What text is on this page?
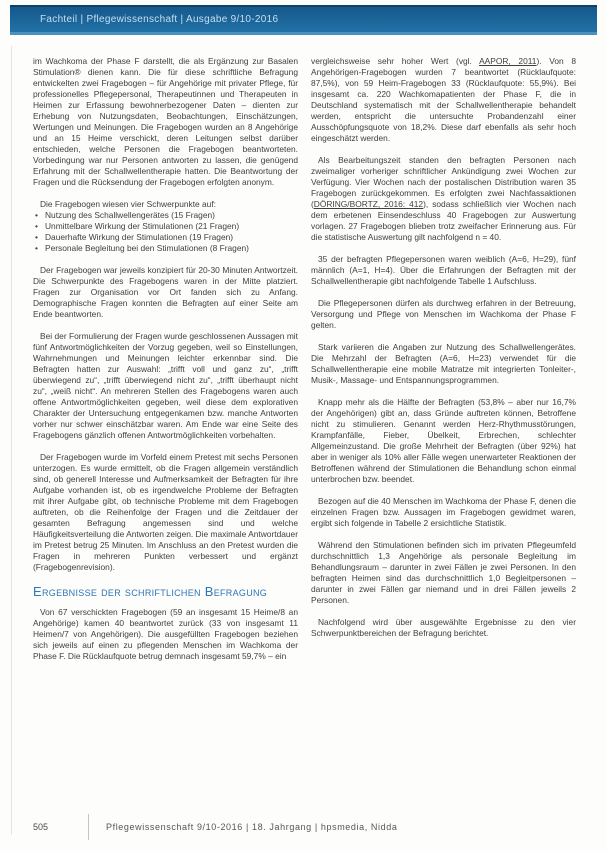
Fachteil | Pflegewissenschaft | Ausgabe 9/10-2016

im Wachkoma der Phase F darstellt, die als Ergänzung zur Basalen Stimulation® dienen kann. Die für diese schriftliche Befragung entwickelten zwei Fragebogen – für Angehörige mit privater Pflege, für professionelles Pflegepersonal, Therapeutinnen und Therapeuten in Heimen zur Erfassung bewohnerbezogener Daten – dienten zur Erhebung von Nutzungsdaten, Beobachtungen, Einschätzungen, Wertungen und Meinungen. Die Fragebogen wurden an 8 Angehörige und an 15 Heime verschickt, deren Leitungen selbst darüber entschieden, welche Personen die Fragebogen beantworteten. Vorbedingung war nur Personen antworten zu lassen, die genügend Erfahrung mit der Schallwellentherapie hatten. Die Beantwortung der Fragen und die Rücksendung der Fragebogen erfolgten anonym.

Die Fragebogen wiesen vier Schwerpunkte auf:

• Nutzung des Schallwellengerätes (15 Fragen)
• Unmittelbare Wirkung der Stimulationen (21 Fragen)
• Dauerhafte Wirkung der Stimulationen (19 Fragen)
• Personale Begleitung bei den Stimulationen (8 Fragen)

Der Fragebogen war jeweils konzipiert für 20-30 Minuten Antwortzeit. Die Schwerpunkte des Fragebogens waren in der Mitte platziert. Fragen zur Organisation vor Ort fanden sich zu Anfang. Demographische Fragen konnten die Befragten auf einer Seite am Ende beantworten.

Bei der Formulierung der Fragen wurde geschlossenen Aussagen mit fünf Antwortmöglichkeiten der Vorzug gegeben, weil so Einstellungen, Wahrnehmungen und Meinungen leichter erkennbar sind. Die Befragten hatten zur Auswahl: „trifft voll und ganz zu“, „trifft überwiegend zu“, „trifft überwiegend nicht zu“, „trifft überhaupt nicht zu“, „weiß nicht“. An mehreren Stellen des Fragebogens waren auch offene Antwortmöglichkeiten gegeben, weil diese dem explorativen Charakter der Untersuchung entgegenkamen bzw. manche Antworten vorher nur schwer einschätzbar waren. Am Ende war eine Seite des Fragebogens gänzlich offenen Antwortmöglichkeiten vorbehalten.

Der Fragebogen wurde im Vorfeld einem Pretest mit sechs Personen unterzogen. Es wurde ermittelt, ob die Fragen allgemein verständlich sind, ob generell Interesse und Aufmerksamkeit der Befragten für ihre Aufgabe vorhanden ist, ob es irgendwelche Probleme der Befragten mit ihrer Aufgabe gibt, ob technische Probleme mit dem Fragebogen auftreten, ob die Reihenfolge der Fragen und die Zeitdauer der gesamten Befragung angemessen sind und welche Häufigkeitsverteilung die Antworten zeigen. Die maximale Antwortdauer im Pretest betrug 25 Minuten. Im Anschluss an den Pretest wurden die Fragen in mehreren Punkten verbessert und ergänzt (Fragebogenrevision).

Ergebnisse der schriftlichen Befragung

Von 67 verschickten Fragebogen (59 an insgesamt 15 Heime/8 an Angehörige) kamen 40 beantwortet zurück (33 von insgesamt 11 Heimen/7 von Angehörigen). Die ausgefüllten Fragebogen beziehen sich jeweils auf einen zu pflegenden Menschen im Wachkoma der Phase F. Die Rücklaufquote betrug demnach insgesamt 59,7% – ein

vergleichsweise sehr hoher Wert (vgl. AAPOR, 2011). Von 8 Angehörigen-Fragebogen wurden 7 beantwortet (Rücklaufquote: 87,5%), von 59 Heim-Fragebogen 33 (Rücklaufquote: 55,9%). Bei insgesamt ca. 220 Wachkomapatienten der Phase F, die in Deutschland systematisch mit der Schallwellentherapie behandelt werden, entspricht die untersuchte Probandenzahl einer Ausschöpfungsquote von 18,2%. Diese darf ebenfalls als sehr hoch eingeschätzt werden.

Als Bearbeitungszeit standen den befragten Personen nach zweimaliger vorheriger schriftlicher Ankündigung zwei Wochen zur Verfügung. Vier Wochen nach der postalischen Distribution waren 35 Fragebogen zurückgekommen. Es erfolgten zwei Nachfassaktionen (DÖRING/BORTZ, 2016: 412), sodass schließlich vier Wochen nach dem erbetenen Einsendeschluss 40 Fragebogen zur Auswertung vorlagen. 27 Fragebogen blieben trotz zweifacher Erinnerung aus. Für die statistische Auswertung gilt nachfolgend n = 40.

35 der befragten Pflegepersonen waren weiblich (A=6, H=29), fünf männlich (A=1, H=4). Über die Erfahrungen der Befragten mit der Schallwellentherapie gibt nachfolgende Tabelle 1 Aufschluss.

Die Pflegepersonen dürfen als durchweg erfahren in der Betreuung, Versorgung und Pflege von Menschen im Wachkoma der Phase F gelten.

Stark variieren die Angaben zur Nutzung des Schallwellengerätes. Die Mehrzahl der Befragten (A=6, H=23) verwendet für die Schallwellentherapie eine mobile Matratze mit integrierten Tonleiter-, Musik-, Massage- und Entspannungsprogrammen.

Knapp mehr als die Hälfte der Befragten (53,8% – aber nur 16,7% der Angehörigen) gibt an, dass Gründe auftreten können, Betroffene nicht zu stimulieren. Genannt werden Herz-Rhythmusstörungen, Krampfanfälle, Fieber, Übelkeit, Erbrechen, schlechter Allgemeinzustand. Die große Mehrheit der Befragten (über 92%) hat aber in weniger als 10% aller Fälle wegen unerwarteter Reaktionen der Betroffenen während der Stimulationen die Behandlung schon einmal unterbrochen bzw. beendet.

Bezogen auf die 40 Menschen im Wachkoma der Phase F, denen die einzelnen Fragen bzw. Aussagen im Fragebogen gewidmet waren, ergibt sich folgende in Tabelle 2 ersichtliche Statistik.

Während den Stimulationen befinden sich im privaten Pflegeumfeld durchschnittlich 1,3 Angehörige als personale Begleitung im Behandlungsraum – darunter in zwei Fällen je zwei Personen. In den befragten Heimen sind das durchschnittlich 1,0 Begleitpersonen – darunter in zwei Fällen gar niemand und in drei Fällen jeweils 2 Personen.

Nachfolgend wird über ausgewählte Ergebnisse zu den vier Schwerpunktbereichen der Befragung berichtet.

505	Pflegewissenschaft 9/10-2016 | 18. Jahrgang | hpsmedia, Nidda
